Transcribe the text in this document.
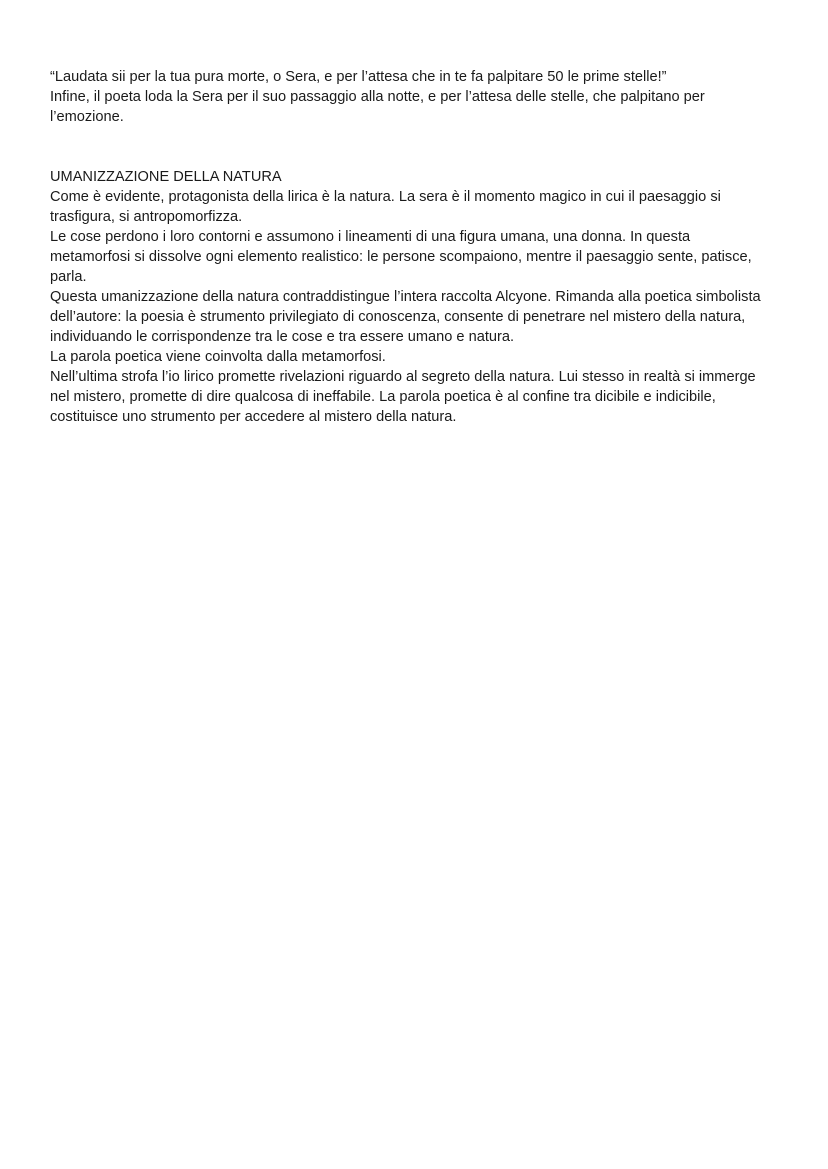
“Laudata sii per la tua pura morte, o Sera, e per l’attesa che in te fa palpitare 50 le prime stelle!”

Infine, il poeta loda la Sera per il suo passaggio alla notte, e per l’attesa delle stelle, che palpitano per l’emozione.

UMANIZZAZIONE DELLA NATURA

Come è evidente, protagonista della lirica è la natura. La sera è il momento magico in cui il paesaggio si trasfigura, si antropomorfizza.

Le cose perdono i loro contorni e assumono i lineamenti di una figura umana, una donna. In questa metamorfosi si dissolve ogni elemento realistico: le persone scompaiono, mentre il paesaggio sente, patisce, parla.

Questa umanizzazione della natura contraddistingue l’intera raccolta Alcyone. Rimanda alla poetica simbolista dell’autore: la poesia è strumento privilegiato di conoscenza, consente di penetrare nel mistero della natura, individuando le corrispondenze tra le cose e tra essere umano e natura.

La parola poetica viene coinvolta dalla metamorfosi.

Nell’ultima strofa l’io lirico promette rivelazioni riguardo al segreto della natura. Lui stesso in realtà si immerge nel mistero, promette di dire qualcosa di ineffabile. La parola poetica è al confine tra dicibile e indicibile, costituisce uno strumento per accedere al mistero della natura.
